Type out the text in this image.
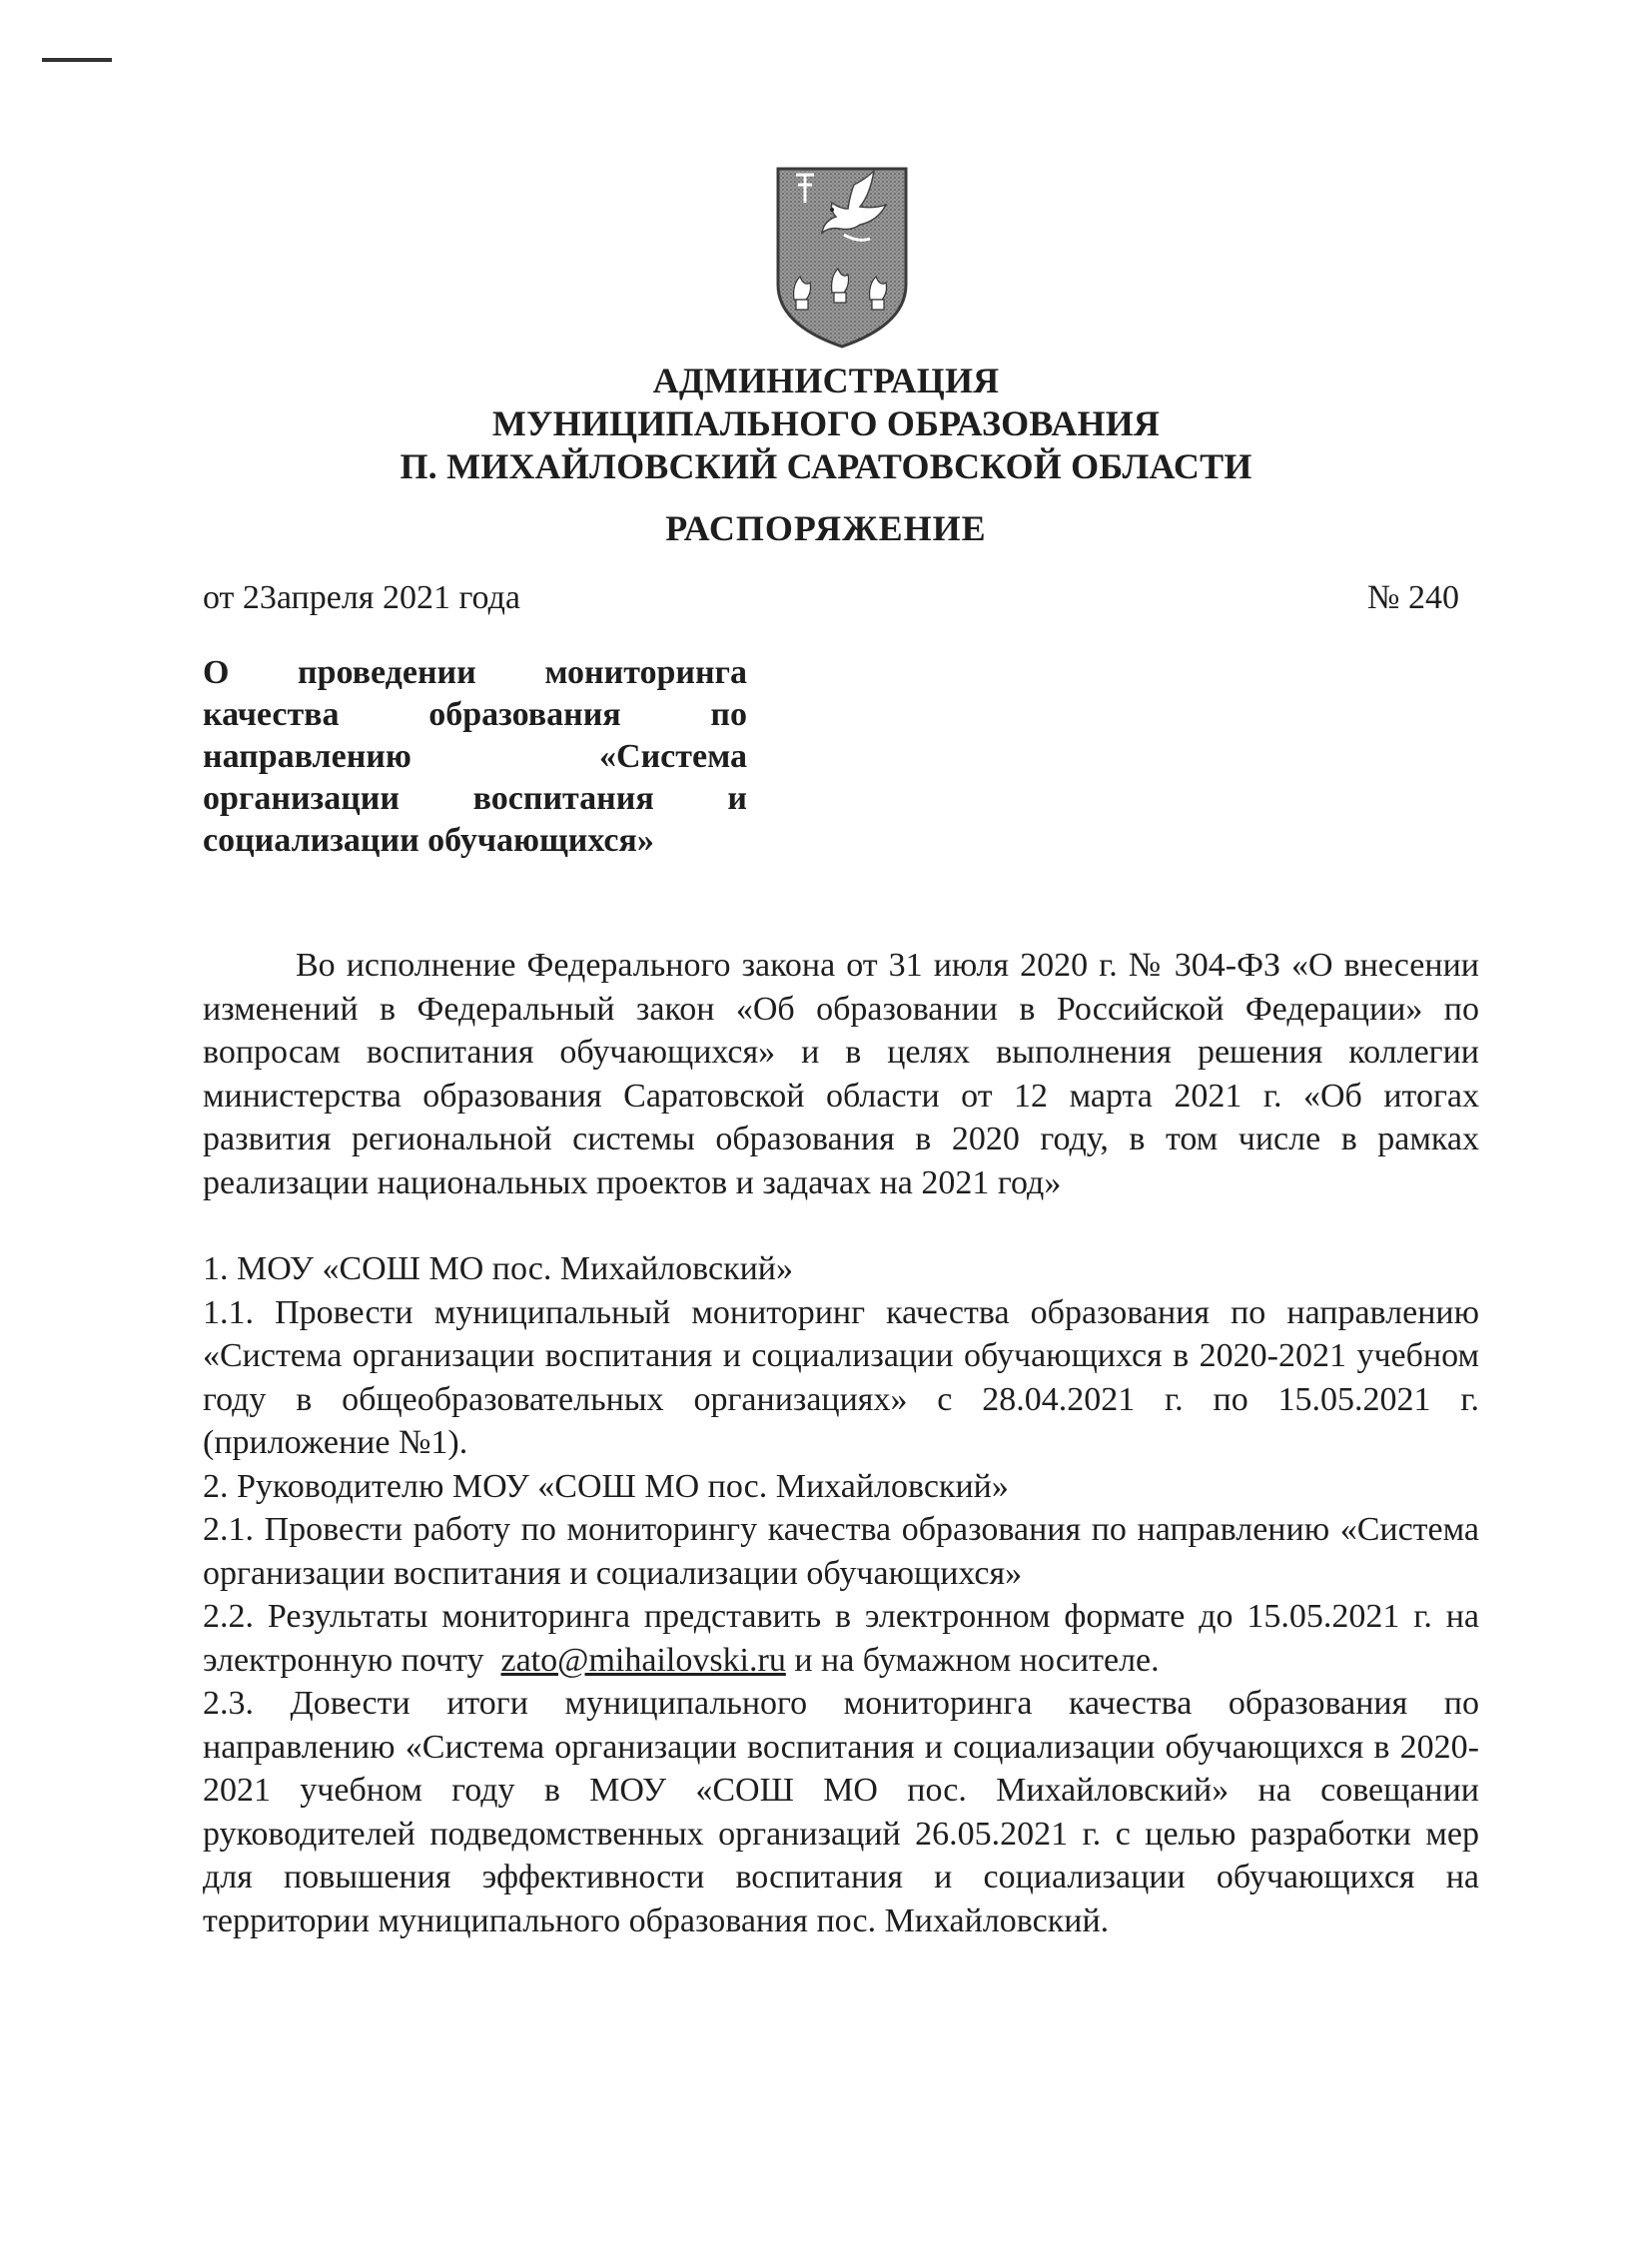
АДМИНИСТРАЦИЯ
МУНИЦИПАЛЬНОГО ОБРАЗОВАНИЯ
П. МИХАЙЛОВСКИЙ САРАТОВСКОЙ ОБЛАСТИ
РАСПОРЯЖЕНИЕ
от 23апреля 2021 года	№ 240
О проведении мониторинга
качества образования по
направлению «Система
организации воспитания и
социализации обучающихся»

Во исполнение Федерального закона от 31 июля 2020 г. № 304-ФЗ «О внесении изменений в Федеральный закон «Об образовании в Российской Федерации» по вопросам воспитания обучающихся» и в целях выполнения решения коллегии министерства образования Саратовской области от 12 марта 2021 г. «Об итогах развития региональной системы образования в 2020 году, в том числе в рамках реализации национальных проектов и задачах на 2021 год»

1. МОУ «СОШ МО пос. Михайловский»

1.1. Провести муниципальный мониторинг качества образования по направлению «Система организации воспитания и социализации обучающихся в 2020-2021 учебном году в общеобразовательных организациях» с 28.04.2021 г. по 15.05.2021 г. (приложение №1).

2. Руководителю МОУ «СОШ МО пос. Михайловский»

2.1. Провести работу по мониторингу качества образования по направлению «Система организации воспитания и социализации обучающихся»

2.2. Результаты мониторинга представить в электронном формате до 15.05.2021 г. на электронную почту zato@mihailovski.ru и на бумажном носителе.

2.3. Довести итоги муниципального мониторинга качества образования по направлению «Система организации воспитания и социализации обучающихся в 2020-2021 учебном году в МОУ «СОШ МО пос. Михайловский» на совещании руководителей подведомственных организаций 26.05.2021 г. с целью разработки мер для повышения эффективности воспитания и социализации обучающихся на территории муниципального образования пос. Михайловский.
